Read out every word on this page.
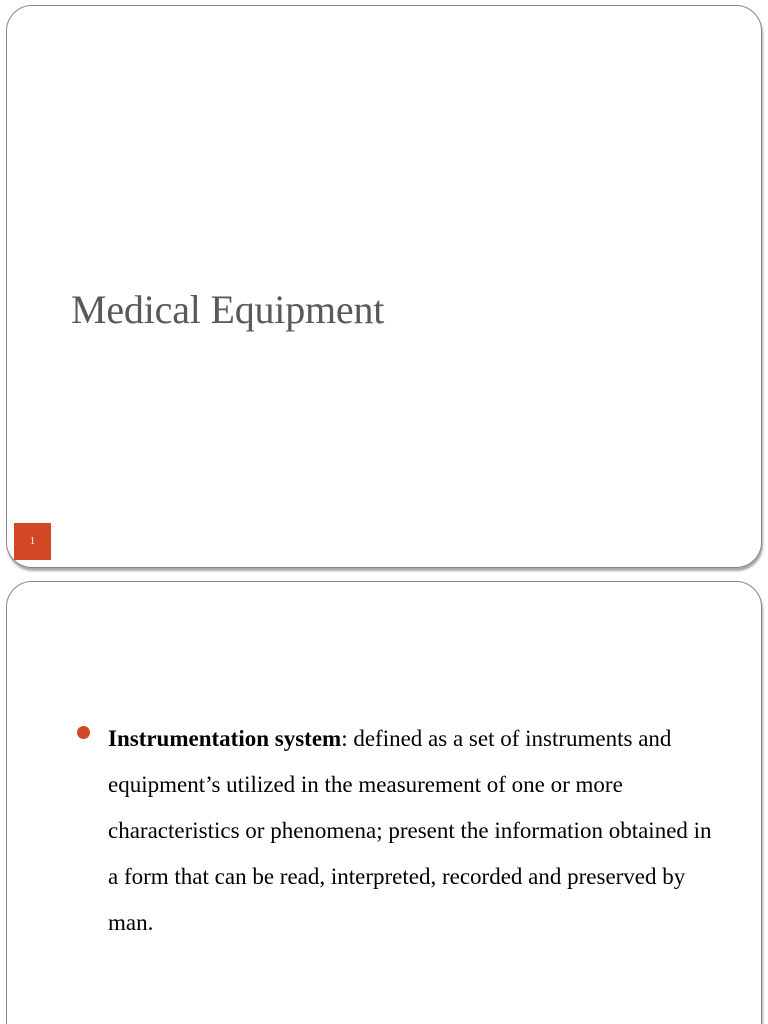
Medical Equipment
1

Instrumentation system: defined as a set of instruments and equipment’s utilized in the measurement of one or more characteristics or phenomena; present the information obtained in a form that can be read, interpreted, recorded and preserved by man.
